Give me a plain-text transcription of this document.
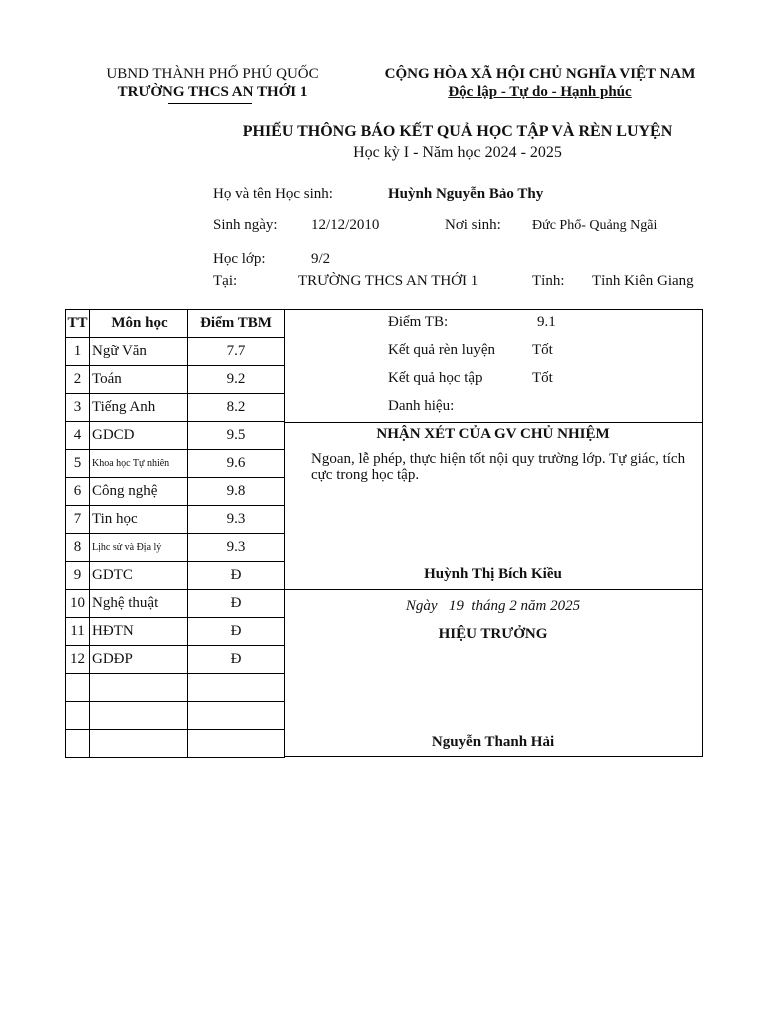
UBND THÀNH PHỐ PHÚ QUỐC
TRƯỜNG THCS AN THỚI 1
CỘNG HÒA XÃ HỘI CHỦ NGHĨA VIỆT NAM
Độc lập - Tự do - Hạnh phúc
PHIẾU THÔNG BÁO KẾT QUẢ HỌC TẬP VÀ RÈN LUYỆN
Học kỳ I - Năm học 2024 - 2025
Họ và tên Học sinh:	Huỳnh Nguyễn Bảo Thy
Sinh ngày: 12/12/2010	Nơi sinh: Đức Phổ- Quảng Ngãi
Học lớp:	9/2
Tại:	TRƯỜNG THCS AN THỚI 1	Tỉnh: Tỉnh Kiên Giang
TT	Môn học	Điểm TBM
1	Ngữ Văn	7.7
2	Toán	9.2
3	Tiếng Anh	8.2
4	GDCD	9.5
5	Khoa học Tự nhiên	9.6
6	Công nghệ	9.8
7	Tin học	9.3
8	Lịhc sử và Địa lý	9.3
9	GDTC	Đ
10	Nghệ thuật	Đ
11	HĐTN	Đ
12	GDĐP	Đ

Điểm TB:	9.1
Kết quả rèn luyện Tốt
Kết quả học tập	Tốt
Danh hiệu:
NHẬN XÉT CỦA GV CHỦ NHIỆM
Ngoan, lễ phép, thực hiện tốt nội quy trường lớp. Tự giác, tích cực trong học tập.
Huỳnh Thị Bích Kiều
Ngày   19  tháng 2 năm 2025
HIỆU TRƯỞNG
Nguyễn Thanh Hải
